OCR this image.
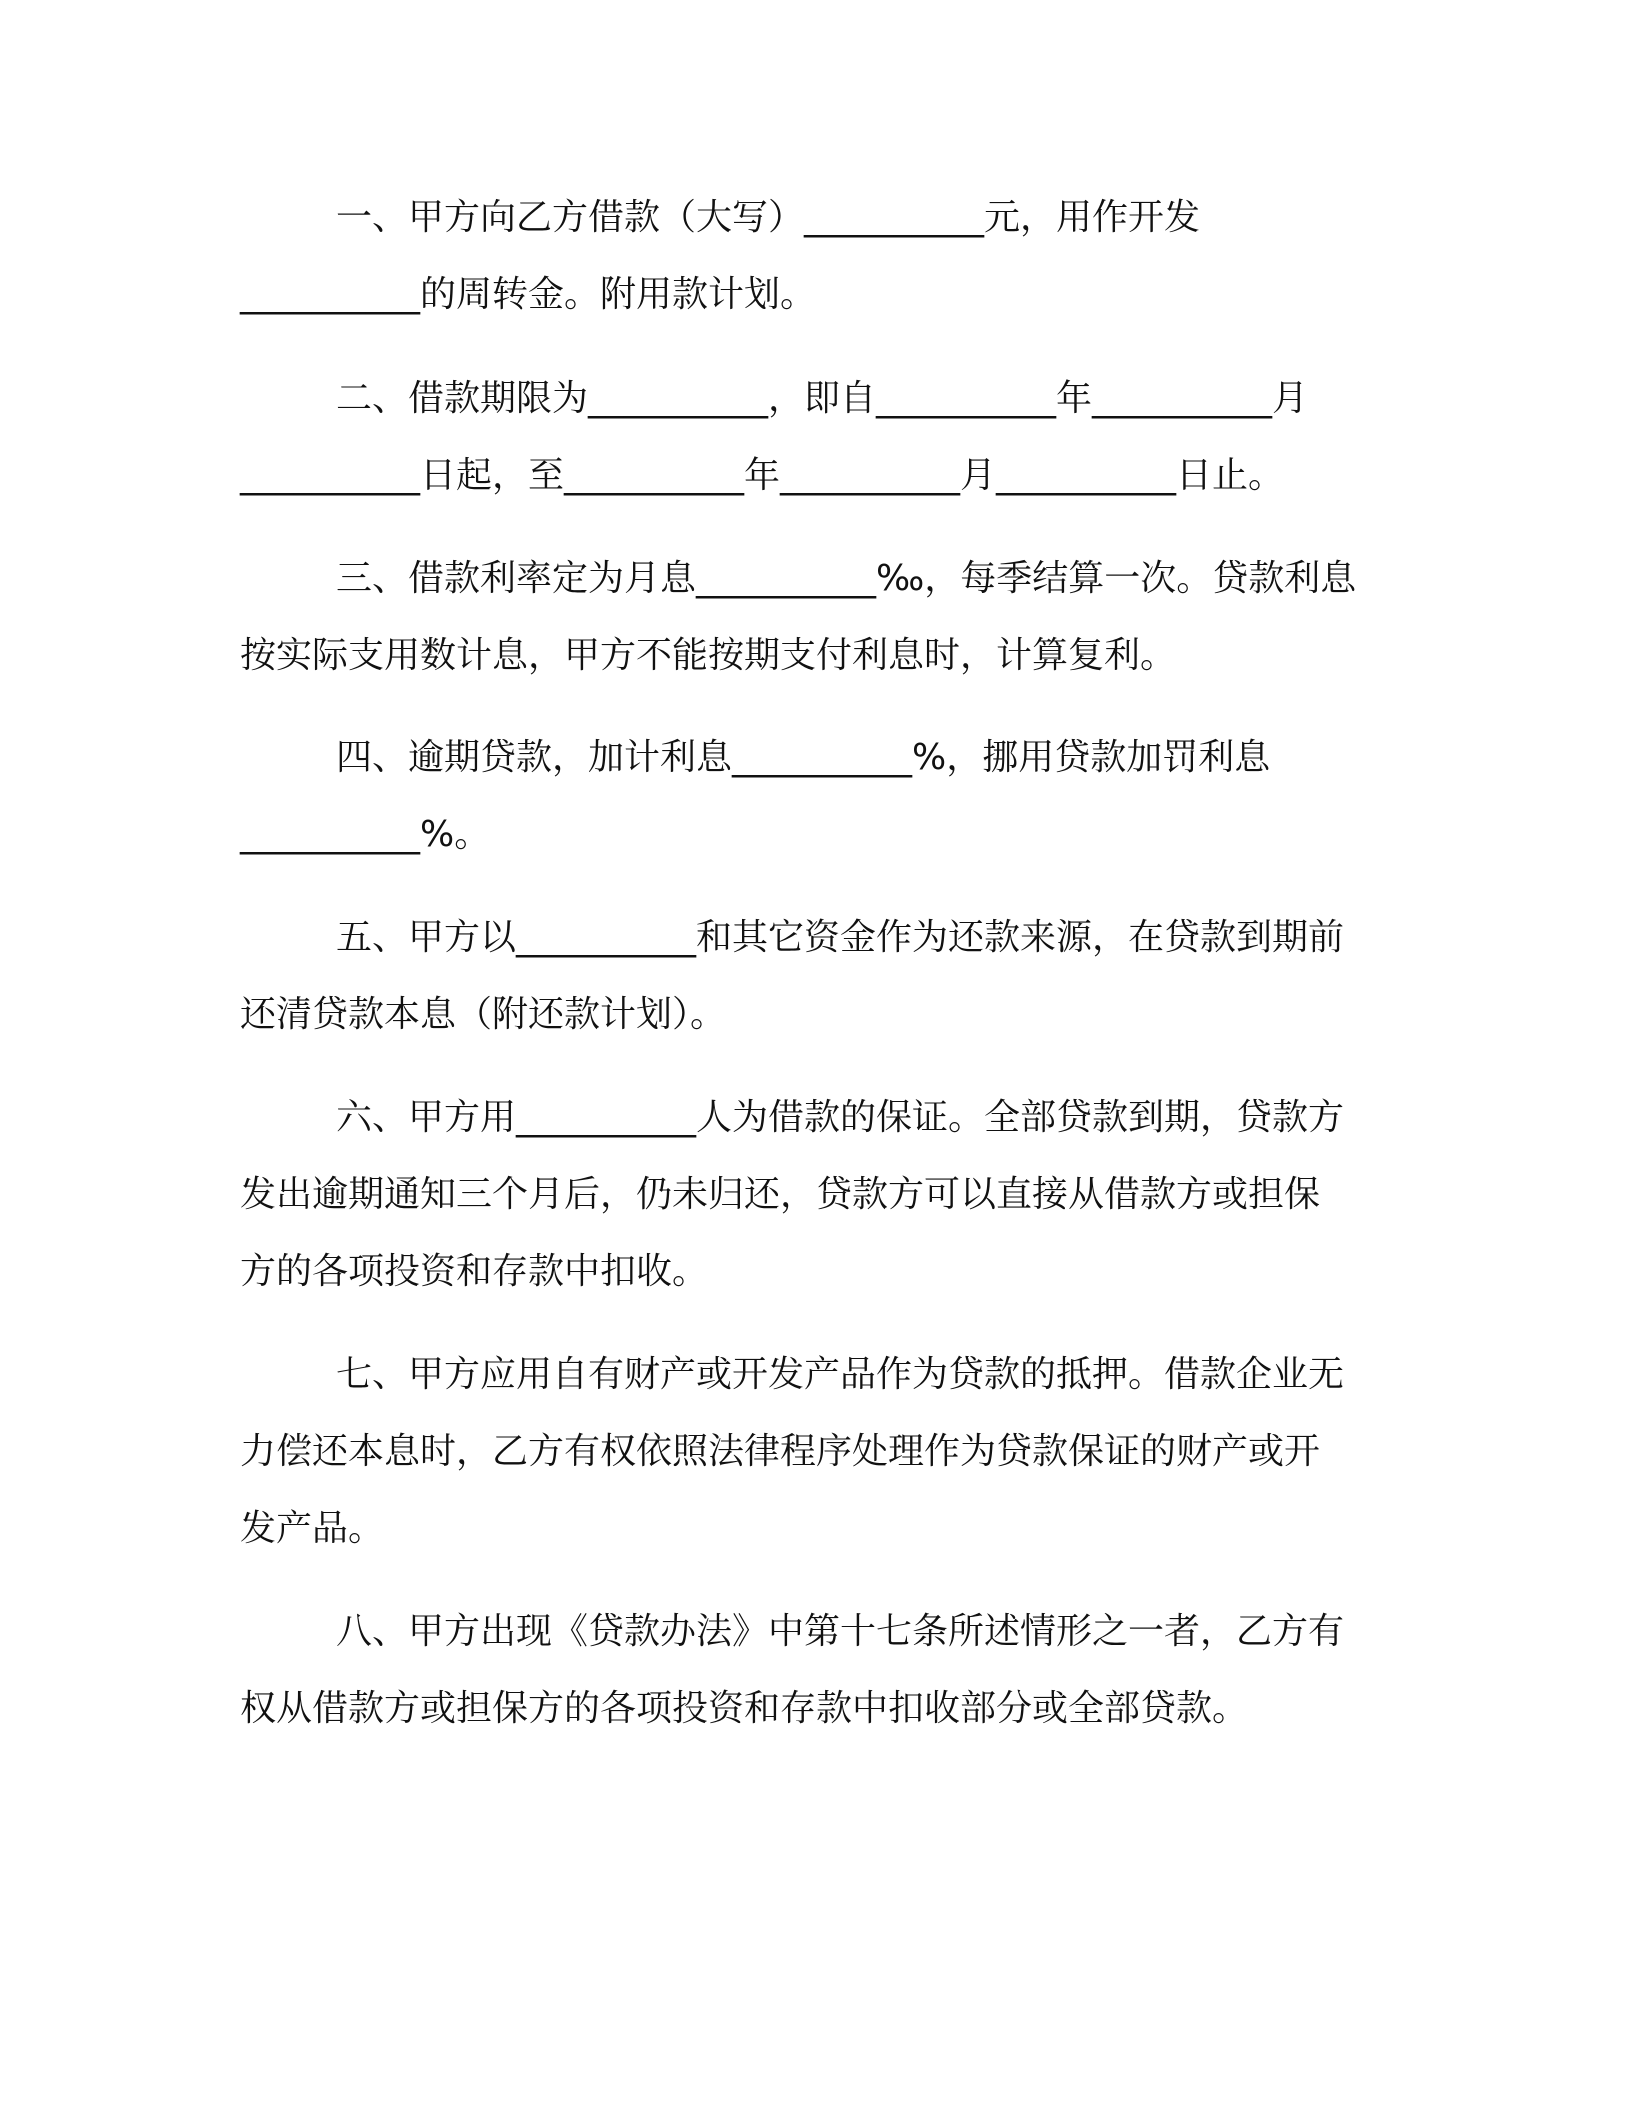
一、甲方向乙方借款（大写）__________元，用作开发
__________的周转金。附用款计划。
二、借款期限为__________，即自__________年__________月
__________日起，至__________年__________月__________日止。
三、借款利率定为月息__________‰，每季结算一次。贷款利息
按实际支用数计息，甲方不能按期支付利息时，计算复利。
四、逾期贷款，加计利息__________%，挪用贷款加罚利息
__________%。
五、甲方以__________和其它资金作为还款来源，在贷款到期前
还清贷款本息（附还款计划）。
六、甲方用__________人为借款的保证。全部贷款到期，贷款方
发出逾期通知三个月后，仍未归还，贷款方可以直接从借款方或担保
方的各项投资和存款中扣收。
七、甲方应用自有财产或开发产品作为贷款的抵押。借款企业无
力偿还本息时，乙方有权依照法律程序处理作为贷款保证的财产或开
发产品。
八、甲方出现《贷款办法》中第十七条所述情形之一者，乙方有
权从借款方或担保方的各项投资和存款中扣收部分或全部贷款。
